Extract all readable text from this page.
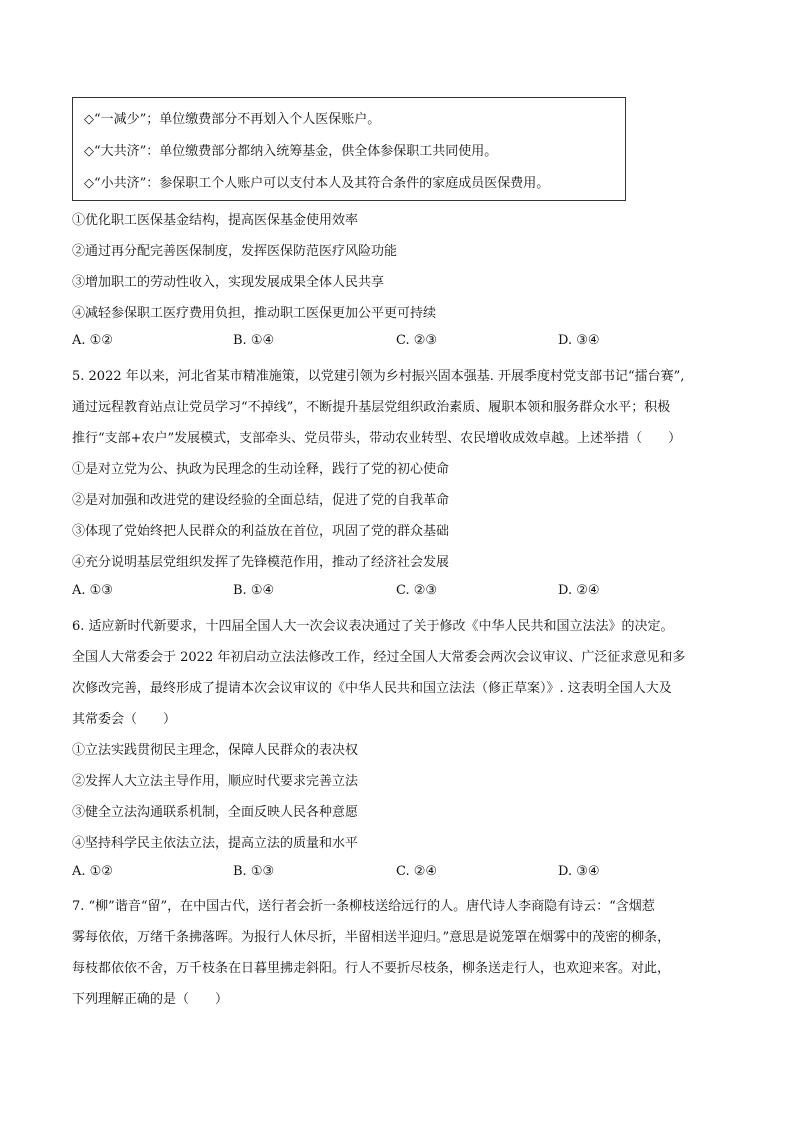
◇“一减少”；单位缴费部分不再划入个人医保账户。
◇“大共济”：单位缴费部分都纳入统筹基金，供全体参保职工共同使用。
◇“小共济”：参保职工个人账户可以支付本人及其符合条件的家庭成员医保费用。
①优化职工医保基金结构，提高医保基金使用效率
②通过再分配完善医保制度，发挥医保防范医疗风险功能
③增加职工的劳动性收入，实现发展成果全体人民共享
④减轻参保职工医疗费用负担，推动职工医保更加公平更可持续
A. ①②	B. ①④	C. ②③	D. ③④
5. 2022 年以来，河北省某市精准施策，以党建引领为乡村振兴固本强基. 开展季度村党支部书记“擂台赛”,
通过远程教育站点让党员学习“不掉线”，不断提升基层党组织政治素质、履职本领和服务群众水平；积极
推行“支部+农户”发展模式，支部牵头、党员带头，带动农业转型、农民增收成效卓越。上述举措（　　）
①是对立党为公、执政为民理念的生动诠释，践行了党的初心使命
②是对加强和改进党的建设经验的全面总结，促进了党的自我革命
③体现了党始终把人民群众的利益放在首位，巩固了党的群众基础
④充分说明基层党组织发挥了先锋模范作用，推动了经济社会发展
A. ①③	B. ①④	C. ②③	D. ②④
6. 适应新时代新要求，十四届全国人大一次会议表决通过了关于修改《中华人民共和国立法法》的决定。
全国人大常委会于 2022 年初启动立法法修改工作，经过全国人大常委会两次会议审议、广泛征求意见和多
次修改完善，最终形成了提请本次会议审议的《中华人民共和国立法法（修正草案）》. 这表明全国人大及
其常委会（　　）
①立法实践贯彻民主理念，保障人民群众的表决权
②发挥人大立法主导作用，顺应时代要求完善立法
③健全立法沟通联系机制，全面反映人民各种意愿
④坚持科学民主依法立法，提高立法的质量和水平
A. ①②	B. ①③	C. ②④	D. ③④
7. “柳”谐音“留”，在中国古代，送行者会折一条柳枝送给远行的人。唐代诗人李商隐有诗云：“含烟惹
雾每依依，万绪千条拂落晖。为报行人休尽折，半留相送半迎归。”意思是说笼罩在烟雾中的茂密的柳条，
每枝都依依不舍，万千枝条在日暮里拂走斜阳。行人不要折尽枝条，柳条送走行人，也欢迎来客。对此，
下列理解正确的是（　　）
